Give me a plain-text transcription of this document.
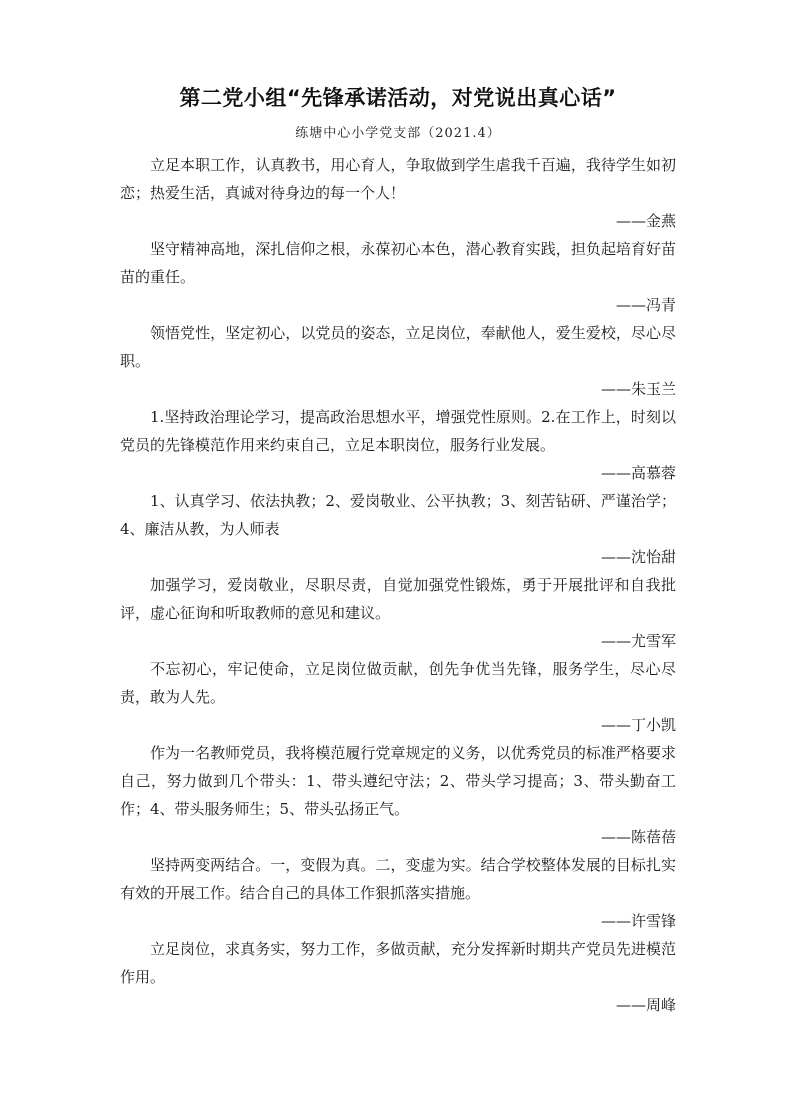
第二党小组“先锋承诺活动，对党说出真心话”
练塘中心小学党支部（2021.4）

立足本职工作，认真教书，用心育人，争取做到学生虐我千百遍，我待学生如初恋；热爱生活，真诚对待身边的每一个人！

——金燕

坚守精神高地，深扎信仰之根，永葆初心本色，潜心教育实践，担负起培育好苗苗的重任。

——冯青

领悟党性，坚定初心，以党员的姿态，立足岗位，奉献他人，爱生爱校，尽心尽职。

——朱玉兰

1.坚持政治理论学习，提高政治思想水平，增强党性原则。2.在工作上，时刻以党员的先锋模范作用来约束自己，立足本职岗位，服务行业发展。

——高慕蓉

1、认真学习、依法执教；2、爱岗敬业、公平执教；3、刻苦钻研、严谨治学；4、廉洁从教，为人师表

——沈怡甜

加强学习，爱岗敬业，尽职尽责，自觉加强党性锻炼，勇于开展批评和自我批评，虚心征询和听取教师的意见和建议。

——尤雪军

不忘初心，牢记使命，立足岗位做贡献，创先争优当先锋，服务学生，尽心尽责，敢为人先。

——丁小凯

作为一名教师党员，我将模范履行党章规定的义务，以优秀党员的标准严格要求自己，努力做到几个带头：1、带头遵纪守法；2、带头学习提高；3、带头勤奋工作；4、带头服务师生；5、带头弘扬正气。

——陈蓓蓓

坚持两变两结合。一，变假为真。二，变虚为实。结合学校整体发展的目标扎实有效的开展工作。结合自己的具体工作狠抓落实措施。

——许雪锋

立足岗位，求真务实，努力工作，多做贡献，充分发挥新时期共产党员先进模范作用。

——周峰
